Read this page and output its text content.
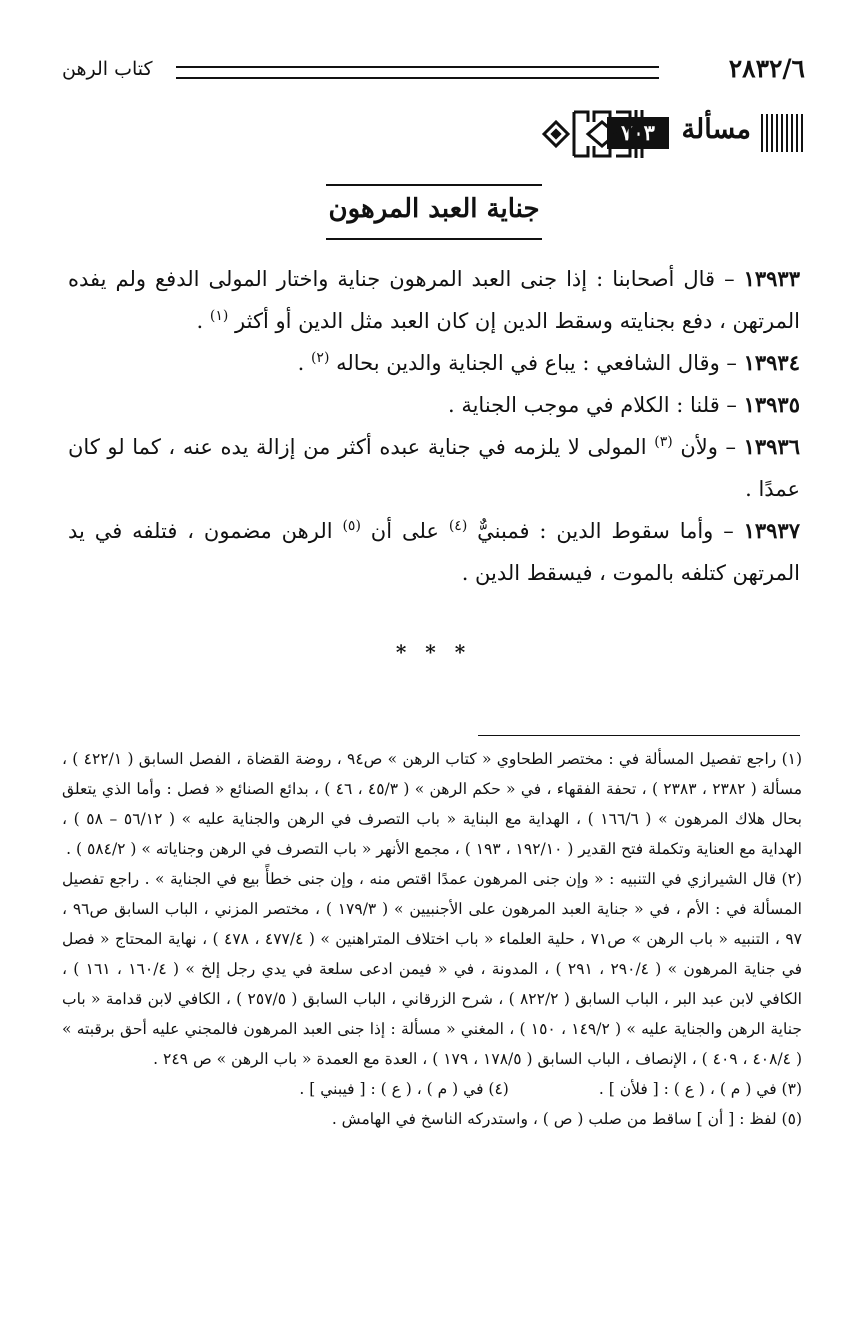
٢٨٣٢/٦
كتاب الرهن
مسألة
٧٠٣
جناية العبد المرهون

١٣٩٣٣ – قال أصحابنا : إذا جنى العبد المرهون جناية واختار المولى الدفع ولم يفده المرتهن ، دفع بجنايته وسقط الدين إن كان العبد مثل الدين أو أكثر $^{(١)}$ .

١٣٩٣٤ – وقال الشافعي : يباع في الجناية والدين بحاله $^{(٢)}$ .

١٣٩٣٥ – قلنا : الكلام في موجب الجناية .

١٣٩٣٦ – ولأن $^{(٣)}$ المولى لا يلزمه في جناية عبده أكثر من إزالة يده عنه ، كما لو كان عمدًا .

١٣٩٣٧ – وأما سقوط الدين : فمبنيٌّ $^{(٤)}$ على أن $^{(٥)}$ الرهن مضمون ، فتلفه في يد المرتهن كتلفه بالموت ، فيسقط الدين .

* * *

(١) راجع تفصيل المسألة في : مختصر الطحاوي « كتاب الرهن » ص٩٤ ، روضة القضاة ، الفصل السابق ( ٤٢٢/١ ) ، مسألة ( ٢٣٨٢ ، ٢٣٨٣ ) ، تحفة الفقهاء ، في « حكم الرهن » ( ٤٥/٣ ، ٤٦ ) ، بدائع الصنائع « فصل : وأما الذي يتعلق بحال هلاك المرهون » ( ١٦٦/٦ ) ، الهداية مع البناية « باب التصرف في الرهن والجناية عليه » ( ٥٦/١٢ – ٥٨ ) ، الهداية مع العناية وتكملة فتح القدير ( ١٩٢/١٠ ، ١٩٣ ) ، مجمع الأنهر « باب التصرف في الرهن وجناياته » ( ٥٨٤/٢ ) .

(٢) قال الشيرازي في التنبيه : « وإن جنى المرهون عمدًا اقتص منه ، وإن جنى خطأً بيع في الجناية » . راجع تفصيل المسألة في : الأم ، في « جناية العبد المرهون على الأجنبيين » ( ١٧٩/٣ ) ، مختصر المزني ، الباب السابق ص٩٦ ، ٩٧ ، التنبيه « باب الرهن » ص٧١ ، حلية العلماء « باب اختلاف المتراهنين » ( ٤٧٧/٤ ، ٤٧٨ ) ، نهاية المحتاج « فصل في جناية المرهون » ( ٢٩٠/٤ ، ٢٩١ ) ، المدونة ، في « فيمن ادعى سلعة في يدي رجل إلخ » ( ١٦٠/٤ ، ١٦١ ) ، الكافي لابن عبد البر ، الباب السابق ( ٨٢٢/٢ ) ، شرح الزرقاني ، الباب السابق ( ٢٥٧/٥ ) ، الكافي لابن قدامة « باب جناية الرهن والجناية عليه » ( ١٤٩/٢ ، ١٥٠ ) ، المغني « مسألة : إذا جنى العبد المرهون فالمجني عليه أحق برقبته » ( ٤٠٨/٤ ، ٤٠٩ ) ، الإنصاف ، الباب السابق ( ١٧٨/٥ ، ١٧٩ ) ، العدة مع العمدة « باب الرهن » ص ٢٤٩ .

(٣) في ( م ) ، ( ع ) : [ فلأن ] .

(٤) في ( م ) ، ( ع ) : [ فيبني ] .

(٥) لفظ : [ أن ] ساقط من صلب ( ص ) ، واستدركه الناسخ في الهامش .
